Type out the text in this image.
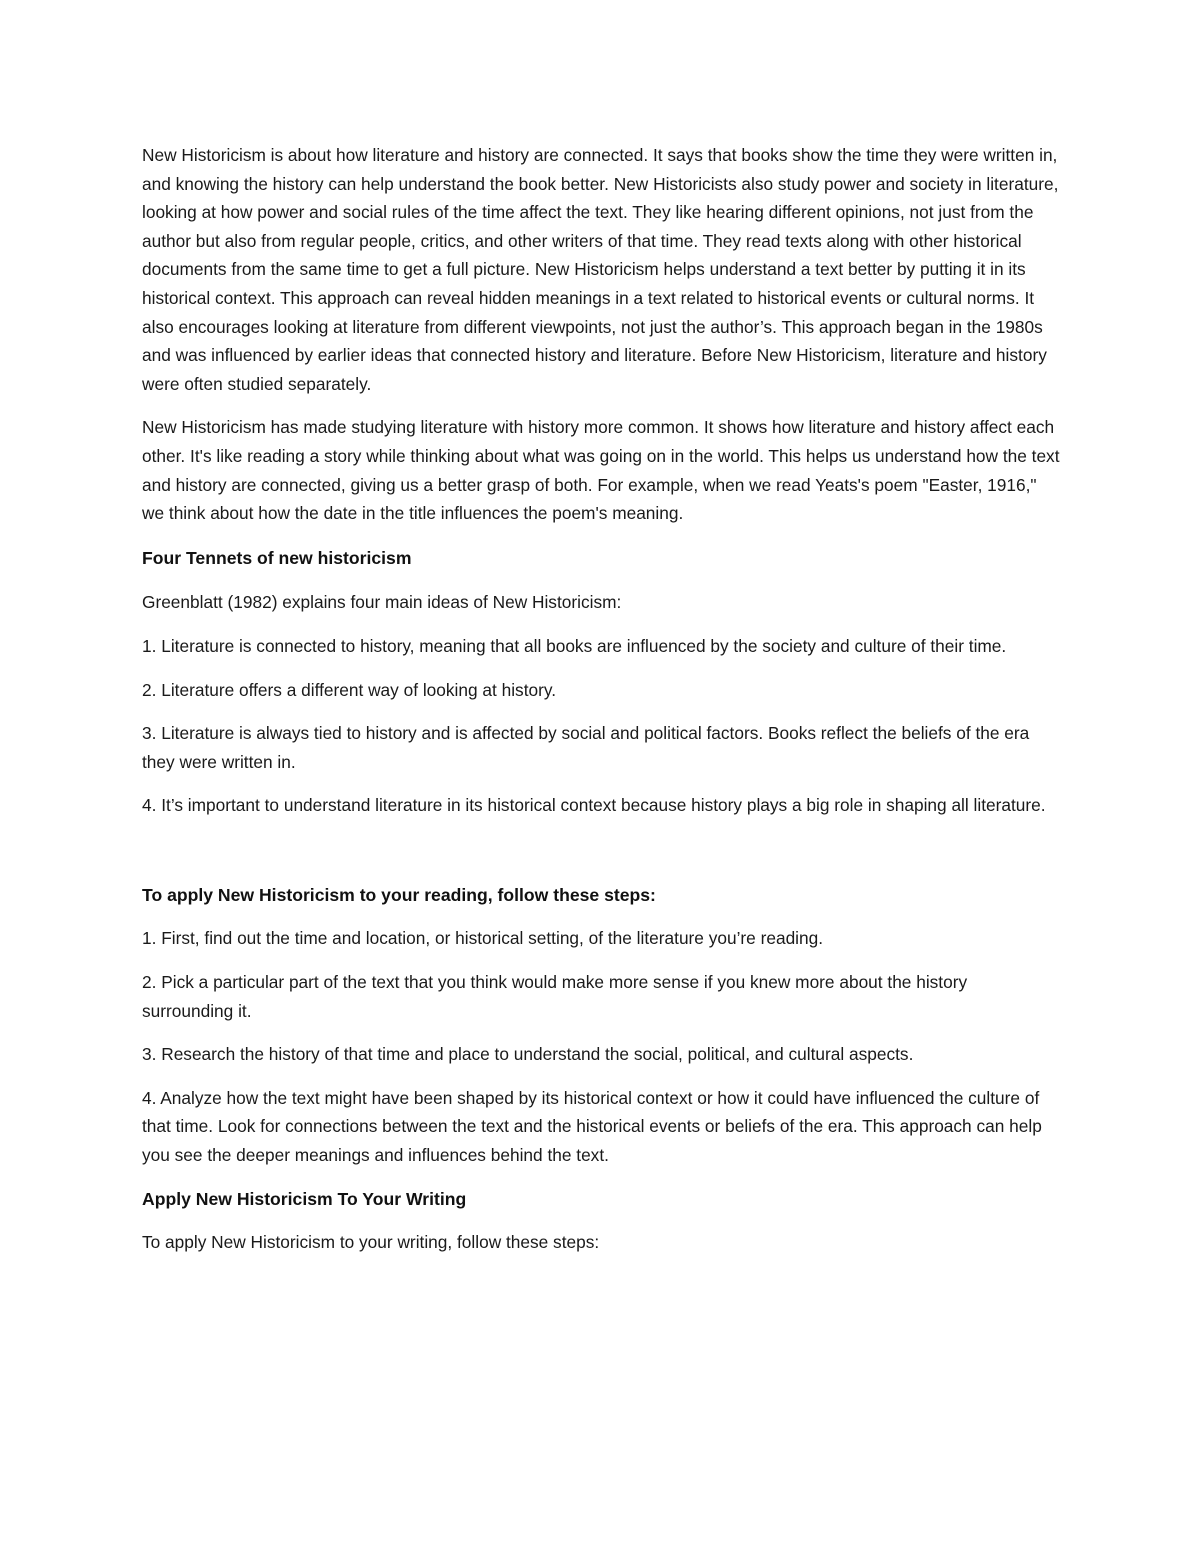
New Historicism is about how literature and history are connected. It says that books show the time they were written in, and knowing the history can help understand the book better. New Historicists also study power and society in literature, looking at how power and social rules of the time affect the text. They like hearing different opinions, not just from the author but also from regular people, critics, and other writers of that time. They read texts along with other historical documents from the same time to get a full picture. New Historicism helps understand a text better by putting it in its historical context. This approach can reveal hidden meanings in a text related to historical events or cultural norms. It also encourages looking at literature from different viewpoints, not just the author’s. This approach began in the 1980s and was influenced by earlier ideas that connected history and literature. Before New Historicism, literature and history were often studied separately.

New Historicism has made studying literature with history more common. It shows how literature and history affect each other. It's like reading a story while thinking about what was going on in the world. This helps us understand how the text and history are connected, giving us a better grasp of both. For example, when we read Yeats's poem "Easter, 1916," we think about how the date in the title influences the poem's meaning.

Four Tennets of new historicism

Greenblatt (1982) explains four main ideas of New Historicism:

1. Literature is connected to history, meaning that all books are influenced by the society and culture of their time.

2. Literature offers a different way of looking at history.

3. Literature is always tied to history and is affected by social and political factors. Books reflect the beliefs of the era they were written in.

4. It’s important to understand literature in its historical context because history plays a big role in shaping all literature.

To apply New Historicism to your reading, follow these steps:

1. First, find out the time and location, or historical setting, of the literature you’re reading.

2. Pick a particular part of the text that you think would make more sense if you knew more about the history surrounding it.

3. Research the history of that time and place to understand the social, political, and cultural aspects.

4. Analyze how the text might have been shaped by its historical context or how it could have influenced the culture of that time. Look for connections between the text and the historical events or beliefs of the era. This approach can help you see the deeper meanings and influences behind the text.

Apply New Historicism To Your Writing

To apply New Historicism to your writing, follow these steps:
